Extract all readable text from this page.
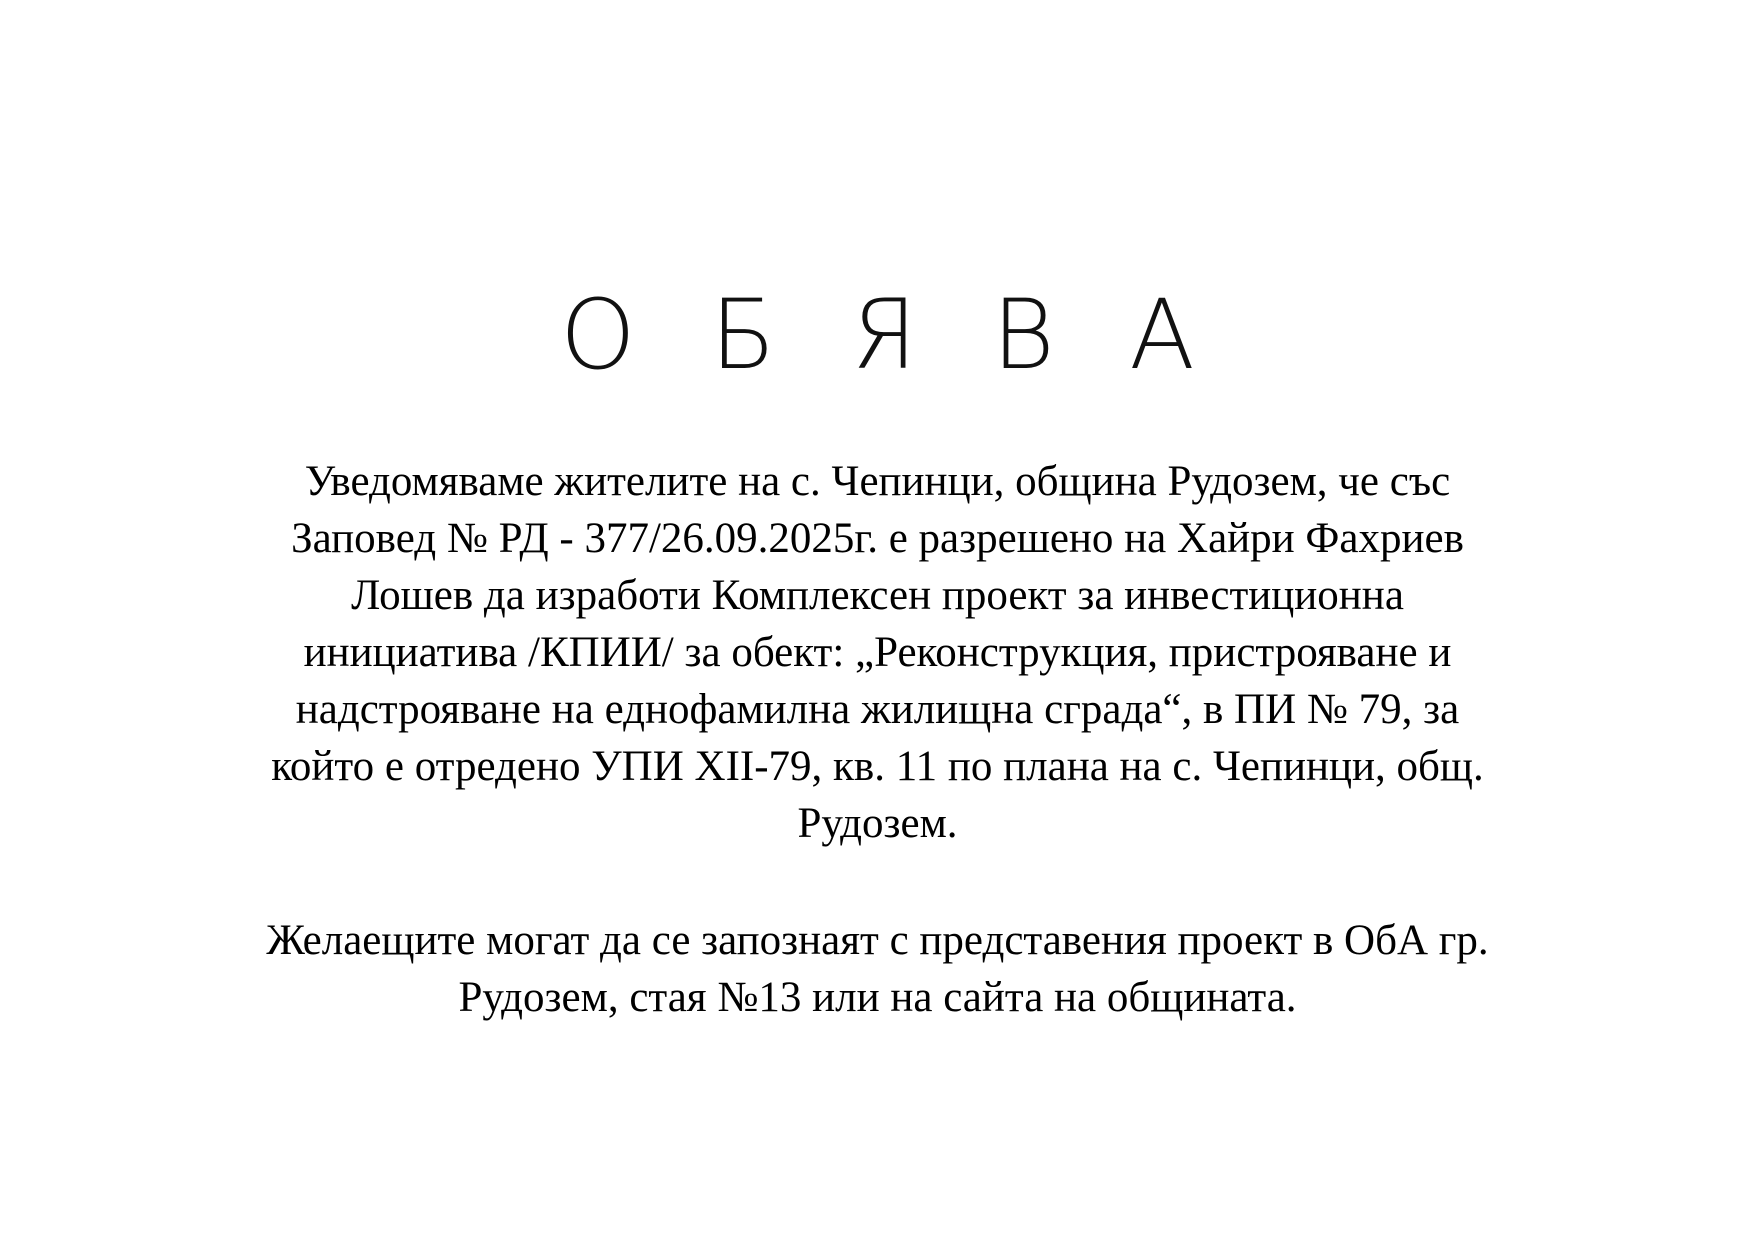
О Б Я В А
Уведомяваме жителите на с. Чепинци, община Рудозем, че със
Заповед № РД - 377/26.09.2025г. е разрешено на Хайри Фахриев
Лошев да изработи Комплексен проект за инвестиционна
инициатива /КПИИ/ за обект: „Реконструкция, пристрояване и
надстрояване на еднофамилна жилищна сграда“, в ПИ № 79, за
който е отредено УПИ XII-79, кв. 11 по плана на с. Чепинци, общ.
Рудозем.
Желаещите могат да се запознаят с представения проект в ОбА гр.
Рудозем, стая №13 или на сайта на общината.
